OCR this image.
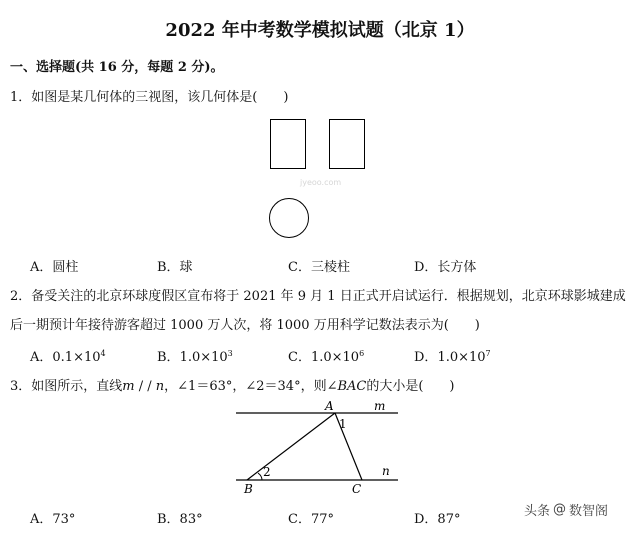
2022 年中考数学模拟试题（北京 1）
一、选择题(共 16 分，每题 2 分)。
1．如图是某几何体的三视图，该几何体是(　　)
jyeoo.com
A．圆柱	B．球	C．三棱柱	D．长方体
2．备受关注的北京环球度假区宣布将于 2021 年 9 月 1 日正式开启试运行．根据规划，北京环球影城建成
后一期预计年接待游客超过 1000 万人次，将 1000 万用科学记数法表示为(　　)
A．$0.1\times 10^4$	B．$1.0\times 10^3$	C．$1.0\times 10^6$	D．$1.0\times 10^7$
3．如图所示，直线m / / n，∠1＝63°，∠2＝34°，则∠BAC的大小是(　　)
A	m
1
2
B	C
n
A．73°	B．83°	C．77°	D．87°
头条 @ 数智阁
